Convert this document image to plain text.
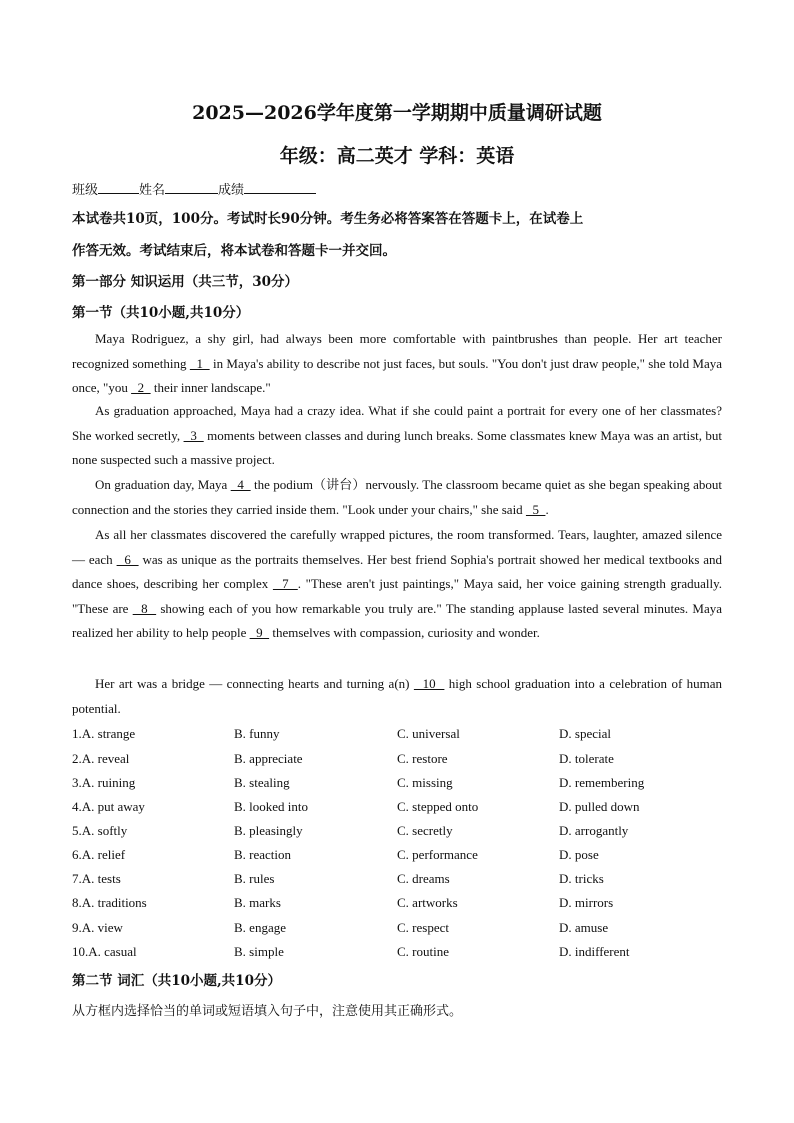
2025—2026学年度第一学期期中质量调研试题
年级：高二英才 学科：英语
班级	姓名	成绩
本试卷共10页，100分。考试时长90分钟。考生务必将答案答在答题卡上，在试卷上
作答无效。考试结束后，将本试卷和答题卡一并交回。
第一部分 知识运用（共三节，30分）
第一节（共10小题,共10分）
Maya Rodriguez, a shy girl, had always been more comfortable with paintbrushes than people. Her art teacher recognized something   1   in Maya's ability to describe not just faces, but souls. "You don't just draw people," she told Maya once, "you   2   their inner landscape."
As graduation approached, Maya had a crazy idea. What if she could paint a portrait for every one of her classmates? She worked secretly,   3   moments between classes and during lunch breaks. Some classmates knew Maya was an artist, but none suspected such a massive project.
On graduation day, Maya   4   the podium（讲台）nervously. The classroom became quiet as she began speaking about connection and the stories they carried inside them. "Look under your chairs," she said   5  .
As all her classmates discovered the carefully wrapped pictures, the room transformed. Tears, laughter, amazed silence — each   6   was as unique as the portraits themselves. Her best friend Sophia's portrait showed her medical textbooks and dance shoes, describing her complex   7  . "These aren't just paintings," Maya said, her voice gaining strength gradually. "These are   8   showing each of you how remarkable you truly are." The standing applause lasted several minutes. Maya realized her ability to help people   9   themselves with compassion, curiosity and wonder.
Her art was a bridge — connecting hearts and turning a(n)   10   high school graduation into a celebration of human potential.
1.A. strange	B. funny	C. universal	D. special
2.A. reveal	B. appreciate	C. restore	D. tolerate
3.A. ruining	B. stealing	C. missing	D. remembering
4.A. put away	B. looked into	C. stepped onto	D. pulled down
5.A. softly	B. pleasingly	C. secretly	D. arrogantly
6.A. relief	B. reaction	C. performance	D. pose
7.A. tests	B. rules	C. dreams	D. tricks
8.A. traditions	B. marks	C. artworks	D. mirrors
9.A. view	B. engage	C. respect	D. amuse
10.A. casual	B. simple	C. routine	D. indifferent
第二节 词汇（共10小题,共10分）
从方框内选择恰当的单词或短语填入句子中，注意使用其正确形式。
